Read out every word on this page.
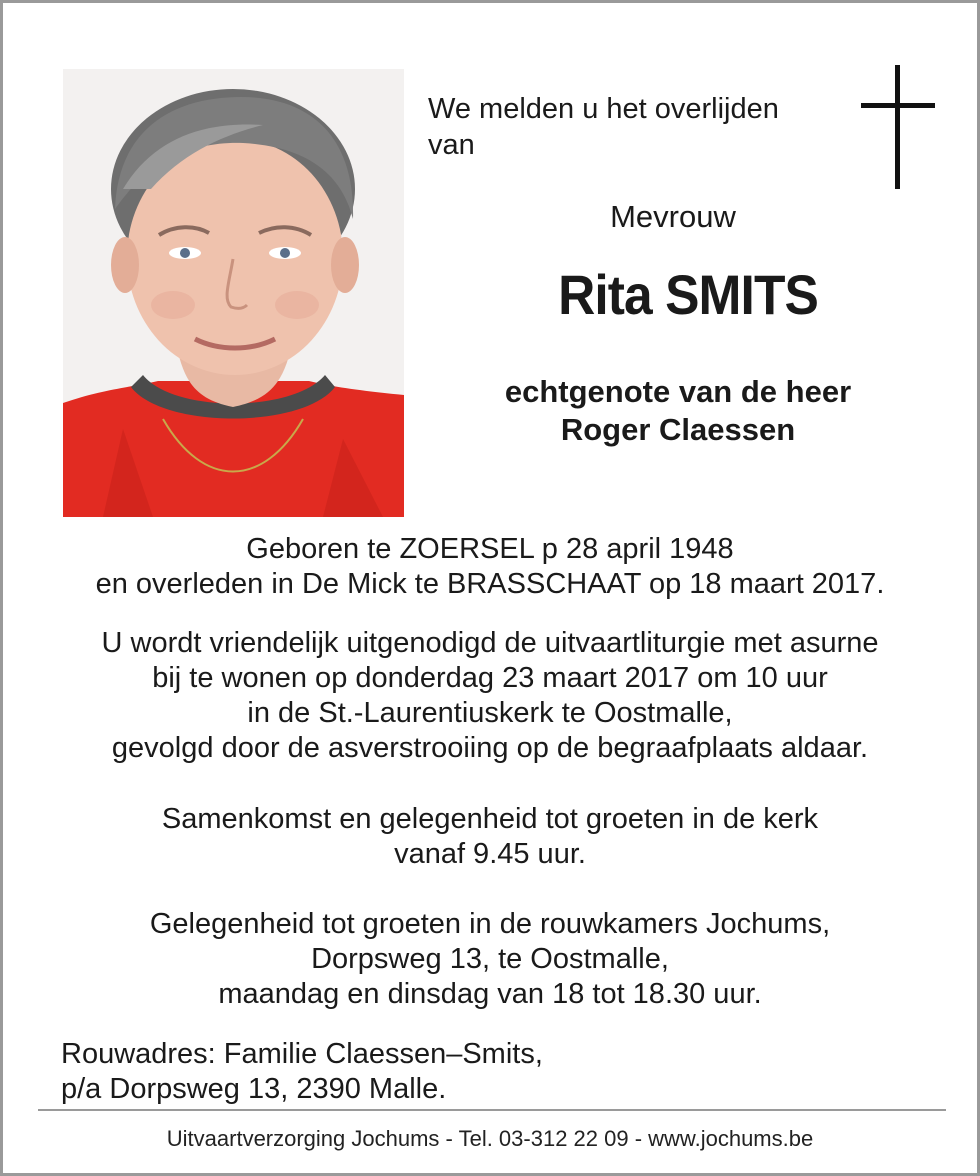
We melden u het overlijden
van
Mevrouw
Rita SMITS
echtgenote van de heer
Roger Claessen
Geboren te ZOERSEL p 28 april 1948
en overleden in De Mick te BRASSCHAAT op 18 maart 2017.
U wordt vriendelijk uitgenodigd de uitvaartliturgie met asurne
bij te wonen op donderdag 23 maart 2017 om 10 uur
in de St.-Laurentiuskerk te Oostmalle,
gevolgd door de asverstrooiing op de begraafplaats aldaar.
Samenkomst en gelegenheid tot groeten in de kerk
vanaf 9.45 uur.
Gelegenheid tot groeten in de rouwkamers Jochums,
Dorpsweg 13, te Oostmalle,
maandag en dinsdag van 18 tot 18.30 uur.
Rouwadres: Familie Claessen–Smits,
p/a Dorpsweg 13, 2390 Malle.
Uitvaartverzorging Jochums - Tel. 03-312 22 09 - www.jochums.be
